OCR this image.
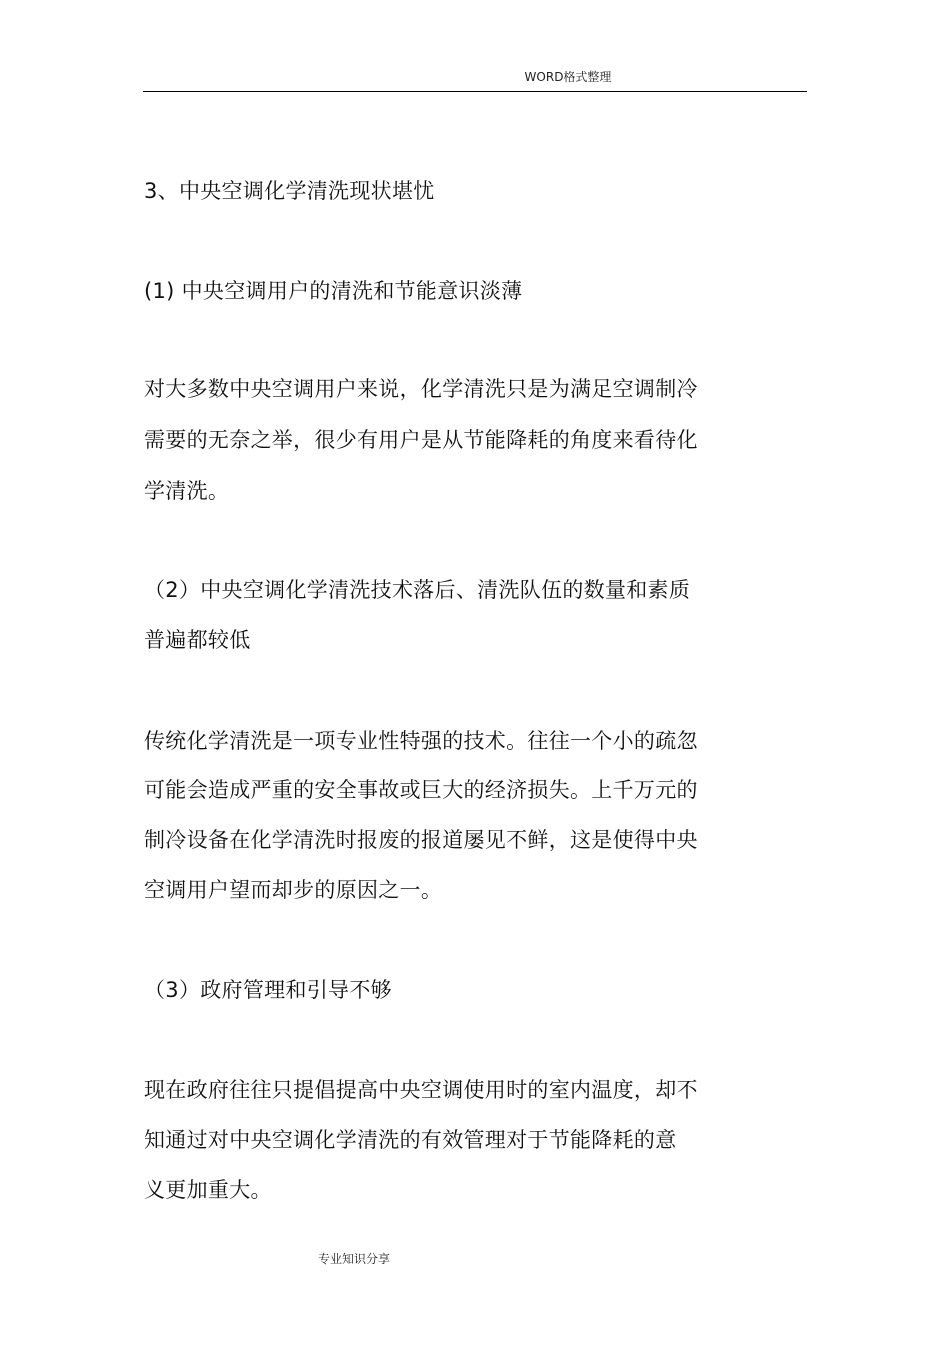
WORD格式整理
3、中央空调化学清洗现状堪忧
(1) 中央空调用户的清洗和节能意识淡薄
对大多数中央空调用户来说，化学清洗只是为满足空调制冷
需要的无奈之举，很少有用户是从节能降耗的角度来看待化
学清洗。
（2）中央空调化学清洗技术落后、清洗队伍的数量和素质
普遍都较低
传统化学清洗是一项专业性特强的技术。往往一个小的疏忽
可能会造成严重的安全事故或巨大的经济损失。上千万元的
制冷设备在化学清洗时报废的报道屡见不鲜，这是使得中央
空调用户望而却步的原因之一。
（3）政府管理和引导不够
现在政府往往只提倡提高中央空调使用时的室内温度，却不
知通过对中央空调化学清洗的有效管理对于节能降耗的意
义更加重大。
专业知识分享
